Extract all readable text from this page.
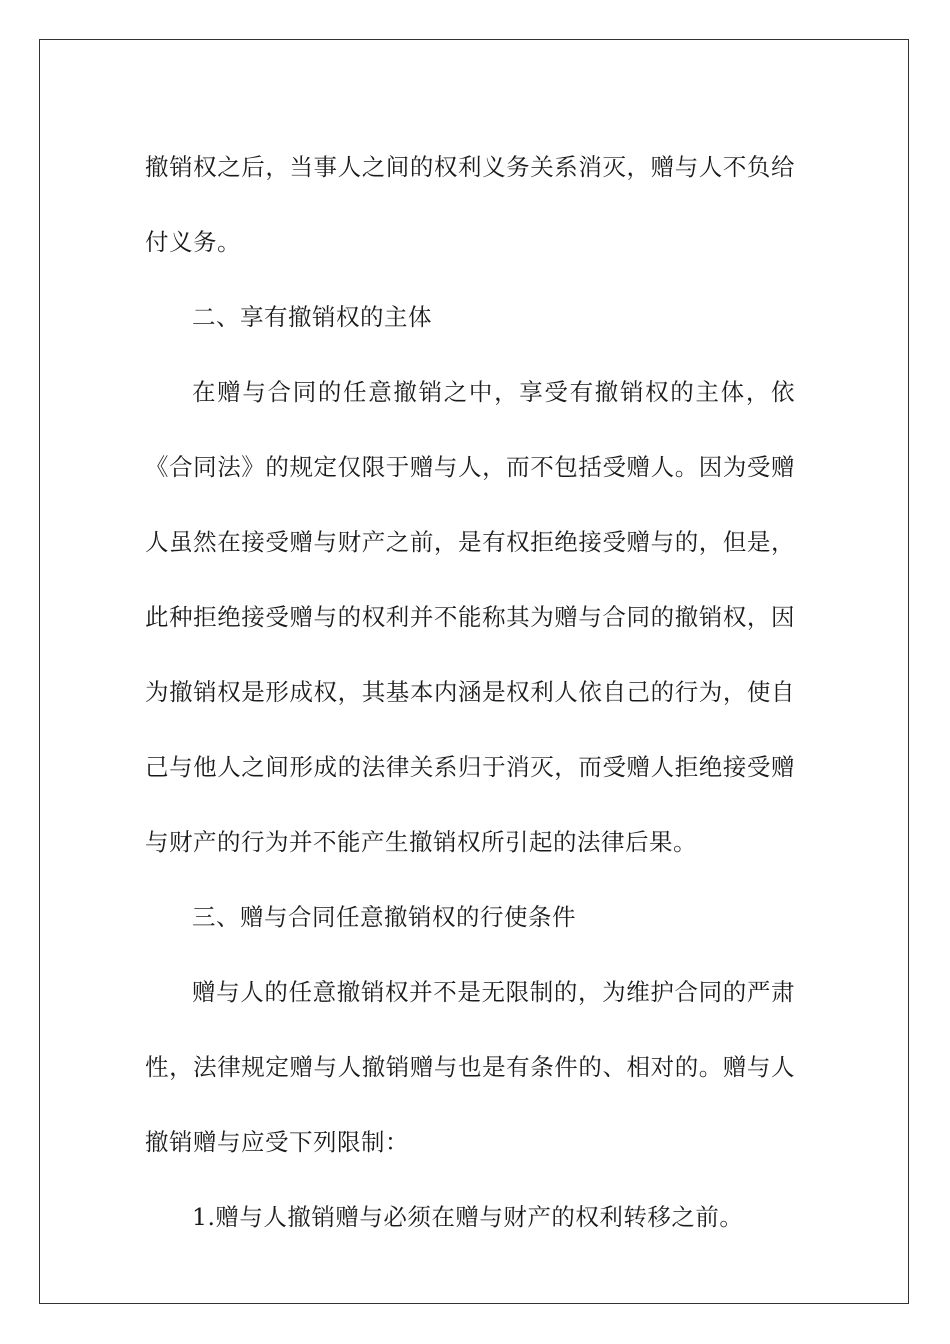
撤销权之后，当事人之间的权利义务关系消灭，赠与人不负给付义务。

二、享有撤销权的主体

在赠与合同的任意撤销之中，享受有撤销权的主体，依《合同法》的规定仅限于赠与人，而不包括受赠人。因为受赠人虽然在接受赠与财产之前，是有权拒绝接受赠与的，但是，此种拒绝接受赠与的权利并不能称其为赠与合同的撤销权，因为撤销权是形成权，其基本内涵是权利人依自己的行为，使自己与他人之间形成的法律关系归于消灭，而受赠人拒绝接受赠与财产的行为并不能产生撤销权所引起的法律后果。

三、赠与合同任意撤销权的行使条件

赠与人的任意撤销权并不是无限制的，为维护合同的严肃性，法律规定赠与人撤销赠与也是有条件的、相对的。赠与人撤销赠与应受下列限制：

1.赠与人撤销赠与必须在赠与财产的权利转移之前。
